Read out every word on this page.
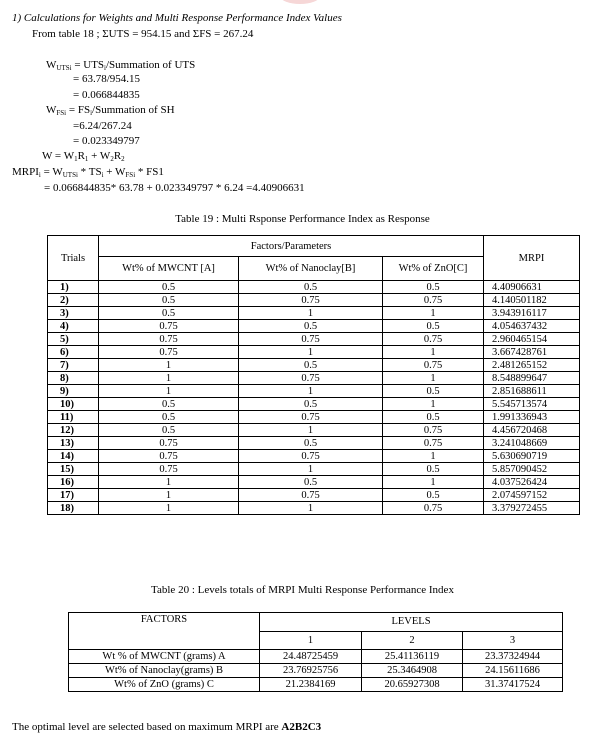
1) Calculations for Weights and Multi Response Performance Index Values
From table 18 ; ΣUTS = 954.15 and ΣFS = 267.24
$W_{UTSi}$ = $UTS_i$/Summation of UTS
= 63.78/954.15
= 0.066844835
$W_{FSi}$ = $FS_i$/Summation of SH
=6.24/267.24
= 0.023349797
$W = W_1R_1 + W_2R_2$
$MRPI_i = W_{UTSi} * TS_i + W_{FSi} * FS1$
= 0.066844835* 63.78 + 0.023349797 * 6.24 =4.40906631
Table 19 : Multi Rsponse Performance Index as Response
Trials	Factors/Parameters			MRPI
	Wt% of MWCNT [A]	Wt% of Nanoclay[B]	Wt% of ZnO[C]	
1)	0.5	0.5	0.5	4.40906631
2)	0.5	0.75	0.75	4.140501182
3)	0.5	1	1	3.943916117
4)	0.75	0.5	0.5	4.054637432
5)	0.75	0.75	0.75	2.960465154
6)	0.75	1	1	3.667428761
7)	1	0.5	0.75	2.481265152
8)	1	0.75	1	8.548899647
9)	1	1	0.5	2.851688611
10)	0.5	0.5	1	5.545713574
11)	0.5	0.75	0.5	1.991336943
12)	0.5	1	0.75	4.456720468
13)	0.75	0.5	0.75	3.241048669
14)	0.75	0.75	1	5.630690719
15)	0.75	1	0.5	5.857090452
16)	1	0.5	1	4.037526424
17)	1	0.75	0.5	2.074597152
18)	1	1	0.75	3.379272455
Table 20 : Levels totals of MRPI Multi Response Performance Index
FACTORS	LEVELS		
	1	2	3
Wt % of MWCNT (grams) A	24.48725459	25.41136119	23.37324944
Wt% of Nanoclay(grams) B	23.76925756	25.3464908	24.15611686
Wt% of ZnO (grams) C	21.2384169	20.65927308	31.37417524
The optimal level are selected based on maximum MRPI are A2B2C3
